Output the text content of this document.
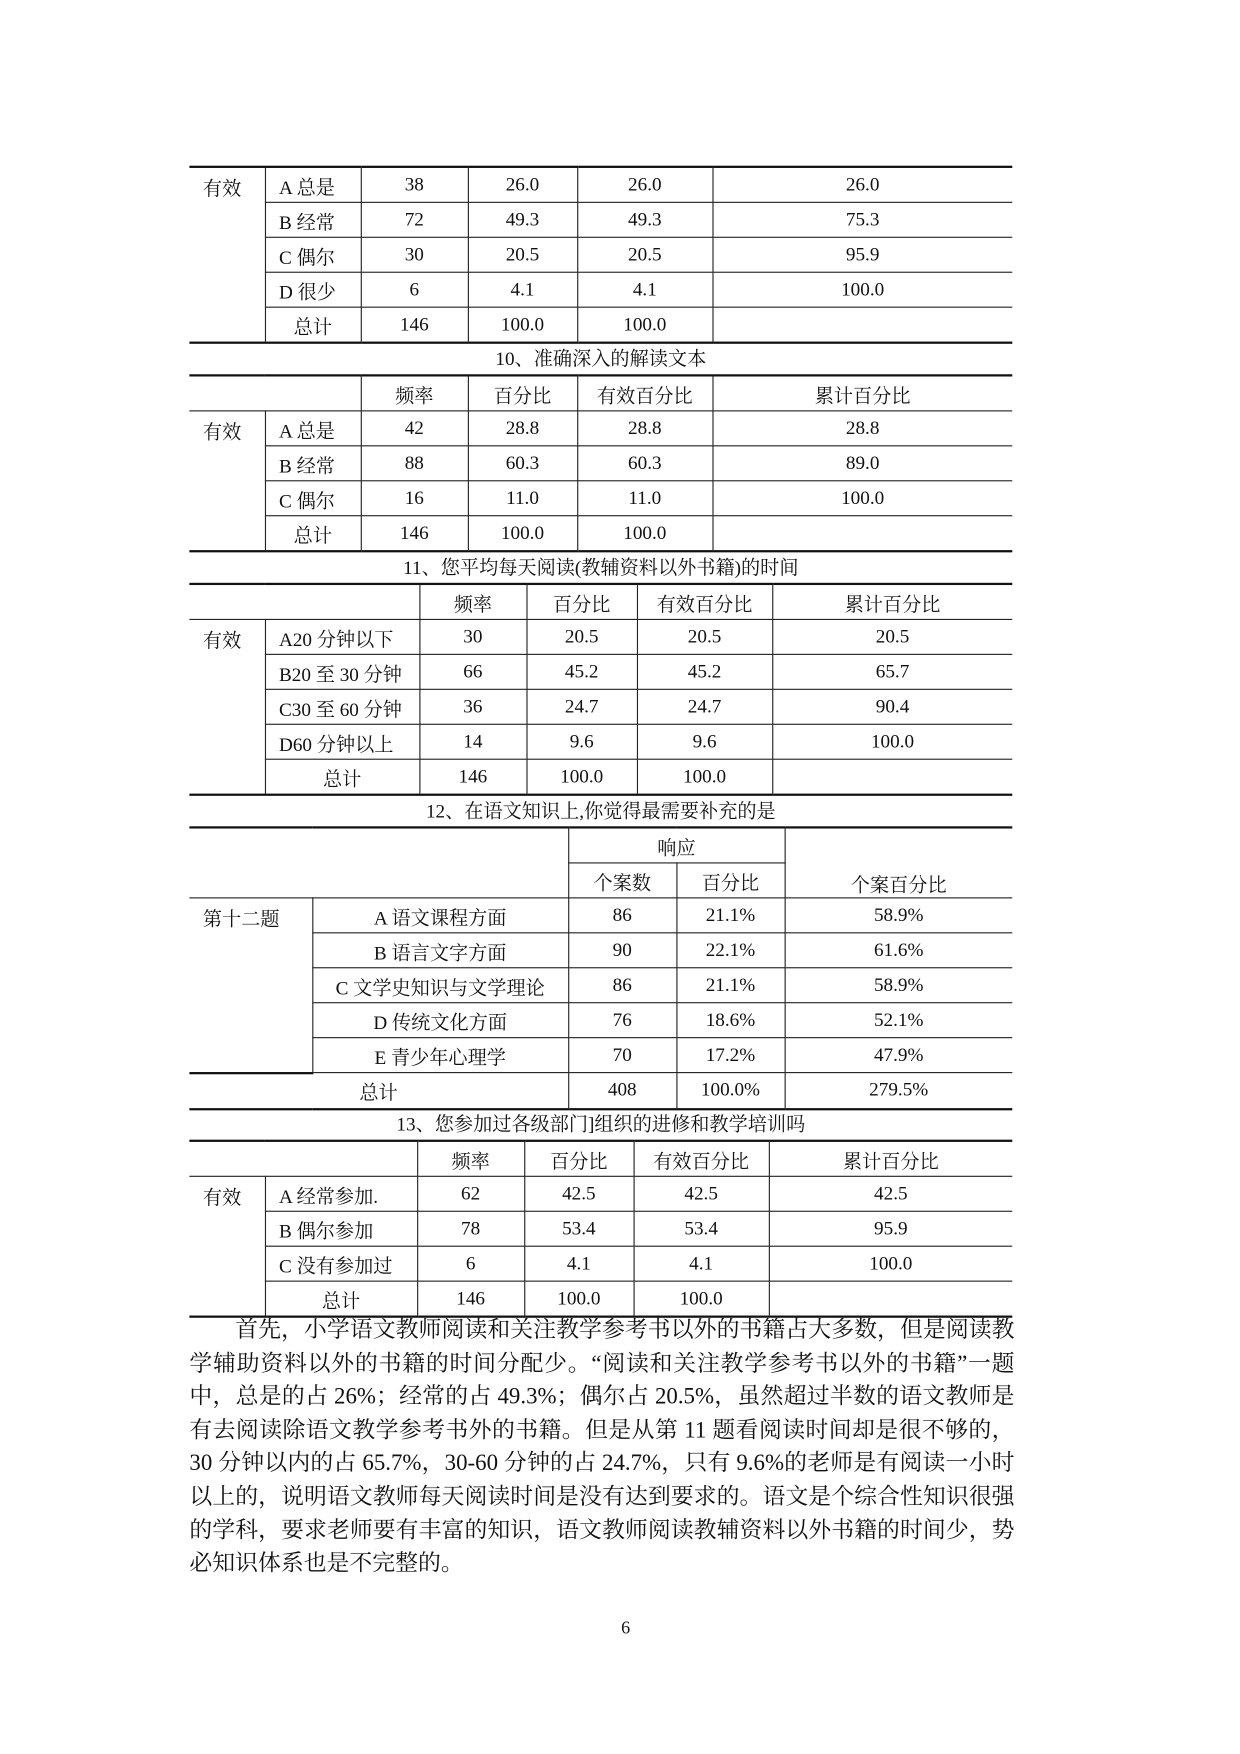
首先，小学语文教师阅读和关注教学参考书以外的书籍占大多数，但是阅读教学辅助资料以外的书籍的时间分配少。“阅读和关注教学参考书以外的书籍”一题中，总是的占 26%；经常的占 49.3%；偶尔占 20.5%，虽然超过半数的语文教师是有去阅读除语文教学参考书外的书籍。但是从第 11 题看阅读时间却是很不够的，30 分钟以内的占 65.7%，30-60 分钟的占 24.7%，只有 9.6%的老师是有阅读一小时以上的，说明语文教师每天阅读时间是没有达到要求的。语文是个综合性知识很强的学科，要求老师要有丰富的知识，语文教师阅读教辅资料以外书籍的时间少，势必知识体系也是不完整的。

6
有效	A 总是	38	26.0	26.0	26.0
	B 经常	72	49.3	49.3	75.3
	C 偶尔	30	20.5	20.5	95.9
	D 很少	6	4.1	4.1	100.0
	总计	146	100.0	100.0	
10、准确深入的解读文本
		频率	百分比	有效百分比	累计百分比
有效	A 总是	42	28.8	28.8	28.8
	B 经常	88	60.3	60.3	89.0
	C 偶尔	16	11.0	11.0	100.0
	总计	146	100.0	100.0	
11、您平均每天阅读(教辅资料以外书籍)的时间
		频率	百分比	有效百分比	累计百分比
有效	A20 分钟以下	30	20.5	20.5	20.5
	B20 至 30 分钟	66	45.2	45.2	65.7
	C30 至 60 分钟	36	24.7	24.7	90.4
	D60 分钟以上	14	9.6	9.6	100.0
	总计	146	100.0	100.0	
12、在语文知识上,你觉得最需要补充的是
		响应		个案百分比
		个案数	百分比	
第十二题	A 语文课程方面	86	21.1%	58.9%
	B 语言文字方面	90	22.1%	61.6%
	C 文学史知识与文学理论	86	21.1%	58.9%
	D 传统文化方面	76	18.6%	52.1%
	E 青少年心理学	70	17.2%	47.9%
总计		408	100.0%	279.5%
13、您参加过各级部门]组织的进修和教学培训吗
		频率	百分比	有效百分比	累计百分比
有效	A 经常参加.	62	42.5	42.5	42.5
	B 偶尔参加	78	53.4	53.4	95.9
	C 没有参加过	6	4.1	4.1	100.0
	总计	146	100.0	100.0	
